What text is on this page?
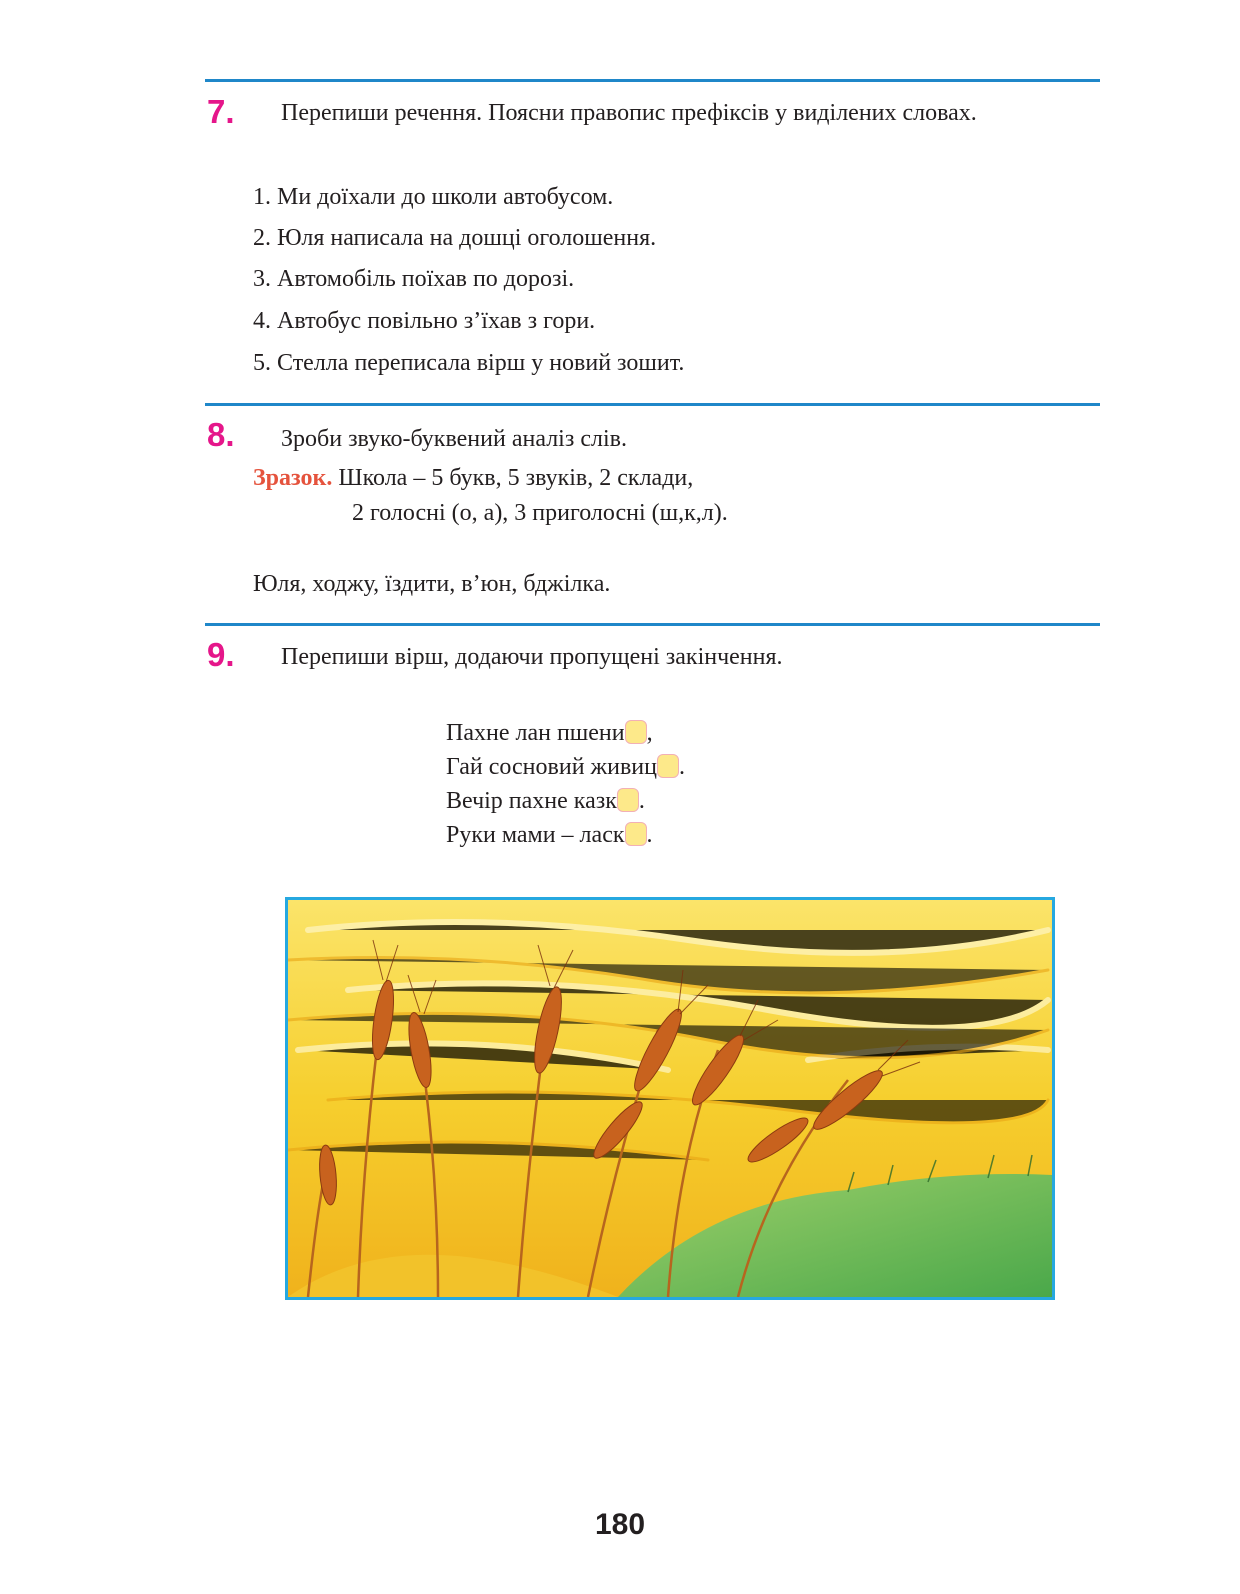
7. Перепиши речення. Поясни правопис префіксів у виділених словах.
1. Ми доїхали до школи автобусом.
2. Юля написала на дошці оголошення.
3. Автомобіль поїхав по дорозі.
4. Автобус повільно з’їхав з гори.
5. Стелла переписала вірш у новий зошит.
8. Зроби звуко-буквений аналіз слів.
Зразок. Школа – 5 букв, 5 звуків, 2 склади,
2 голосні (о, а), 3 приголосні (ш,к,л).
Юля, ходжу, їздити, в’юн, бджілка.
9. Перепиши вірш, додаючи пропущені закінчення.
Пахне лан пшени ,
Гай сосновий живиц .
Вечір пахне казк .
Руки мами – ласк .
180
